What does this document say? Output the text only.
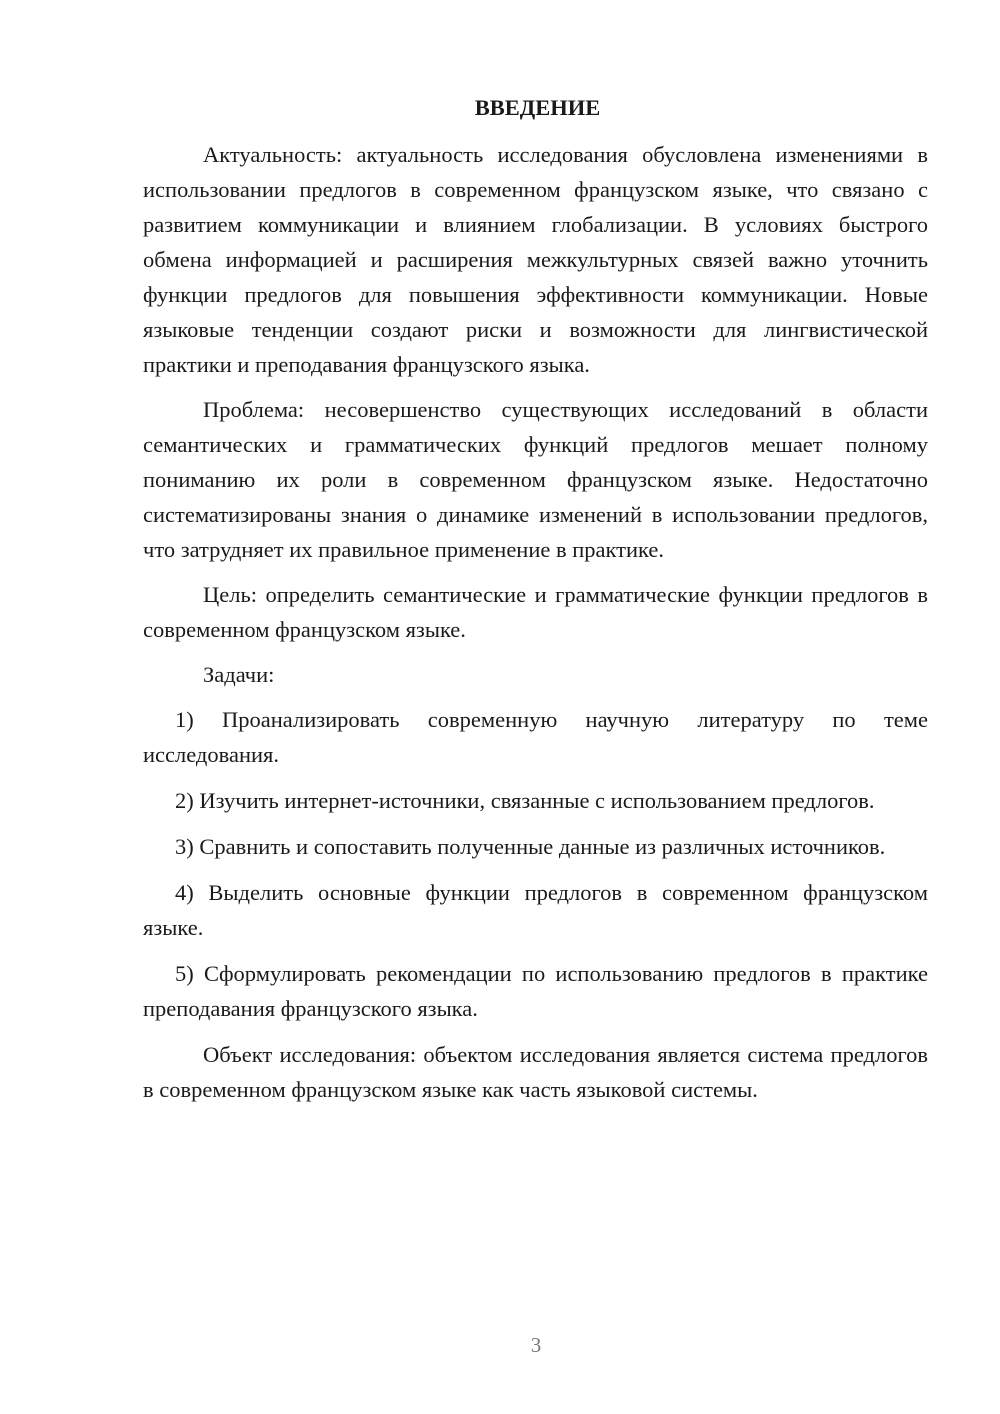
ВВЕДЕНИЕ

Актуальность: актуальность исследования обусловлена изменениями в использовании предлогов в современном французском языке, что связано с развитием коммуникации и влиянием глобализации. В условиях быстрого обмена информацией и расширения межкультурных связей важно уточнить функции предлогов для повышения эффективности коммуникации. Новые языковые тенденции создают риски и возможности для лингвистической практики и преподавания французского языка.

Проблема: несовершенство существующих исследований в области семантических и грамматических функций предлогов мешает полному пониманию их роли в современном французском языке. Недостаточно систематизированы знания о динамике изменений в использовании предлогов, что затрудняет их правильное применение в практике.

Цель: определить семантические и грамматические функции предлогов в современном французском языке.

Задачи:

1) Проанализировать современную научную литературу по теме исследования.

2) Изучить интернет-источники, связанные с использованием предлогов.

3) Сравнить и сопоставить полученные данные из различных источников.

4) Выделить основные функции предлогов в современном французском языке.

5) Сформулировать рекомендации по использованию предлогов в практике преподавания французского языка.

Объект исследования: объектом исследования является система предлогов в современном французском языке как часть языковой системы.

3
